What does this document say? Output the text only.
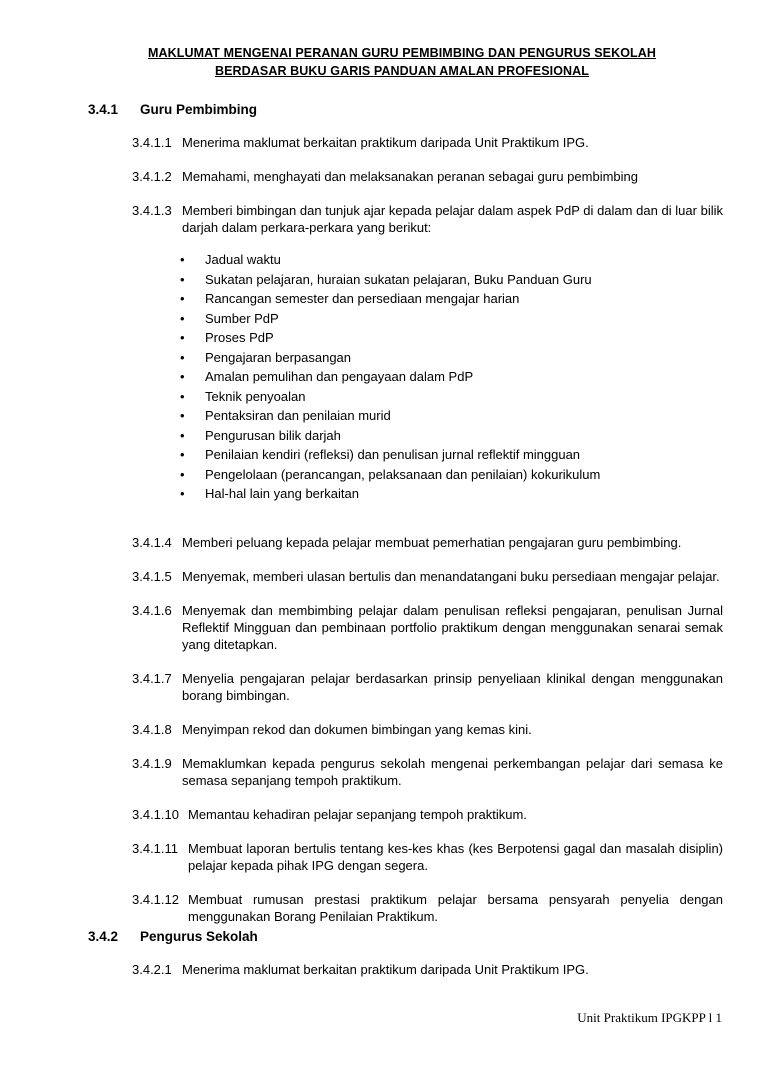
MAKLUMAT MENGENAI PERANAN GURU PEMBIMBING DAN PENGURUS SEKOLAH
BERDASAR BUKU GARIS PANDUAN AMALAN PROFESIONAL
3.4.1 Guru Pembimbing
3.4.1.1 Menerima maklumat berkaitan praktikum daripada Unit Praktikum IPG.
3.4.1.2 Memahami, menghayati dan melaksanakan peranan sebagai guru pembimbing
3.4.1.3 Memberi bimbingan dan tunjuk ajar kepada pelajar dalam aspek PdP di dalam dan di luar bilik darjah dalam perkara-perkara yang berikut:
• Jadual waktu
• Sukatan pelajaran, huraian sukatan pelajaran, Buku Panduan Guru
• Rancangan semester dan persediaan mengajar harian
• Sumber PdP
• Proses PdP
• Pengajaran berpasangan
• Amalan pemulihan dan pengayaan dalam PdP
• Teknik penyoalan
• Pentaksiran dan penilaian murid
• Pengurusan bilik darjah
• Penilaian kendiri (refleksi) dan penulisan jurnal reflektif mingguan
• Pengelolaan (perancangan, pelaksanaan dan penilaian) kokurikulum
• Hal-hal lain yang berkaitan
3.4.1.4 Memberi peluang kepada pelajar membuat pemerhatian pengajaran guru pembimbing.
3.4.1.5 Menyemak, memberi ulasan bertulis dan menandatangani buku persediaan mengajar pelajar.
3.4.1.6 Menyemak dan membimbing pelajar dalam penulisan refleksi pengajaran, penulisan Jurnal Reflektif Mingguan dan pembinaan portfolio praktikum dengan menggunakan senarai semak yang ditetapkan.
3.4.1.7 Menyelia pengajaran pelajar berdasarkan prinsip penyeliaan klinikal dengan menggunakan borang bimbingan.
3.4.1.8 Menyimpan rekod dan dokumen bimbingan yang kemas kini.
3.4.1.9 Memaklumkan kepada pengurus sekolah mengenai perkembangan pelajar dari semasa ke semasa sepanjang tempoh praktikum.
3.4.1.10 Memantau kehadiran pelajar sepanjang tempoh praktikum.
3.4.1.11 Membuat laporan bertulis tentang kes-kes khas (kes Berpotensi gagal dan masalah disiplin) pelajar kepada pihak IPG dengan segera.
3.4.1.12 Membuat rumusan prestasi praktikum pelajar bersama pensyarah penyelia dengan menggunakan Borang Penilaian Praktikum.
3.4.2 Pengurus Sekolah
3.4.2.1 Menerima maklumat berkaitan praktikum daripada Unit Praktikum IPG.
Unit Praktikum IPGKPP l 1
